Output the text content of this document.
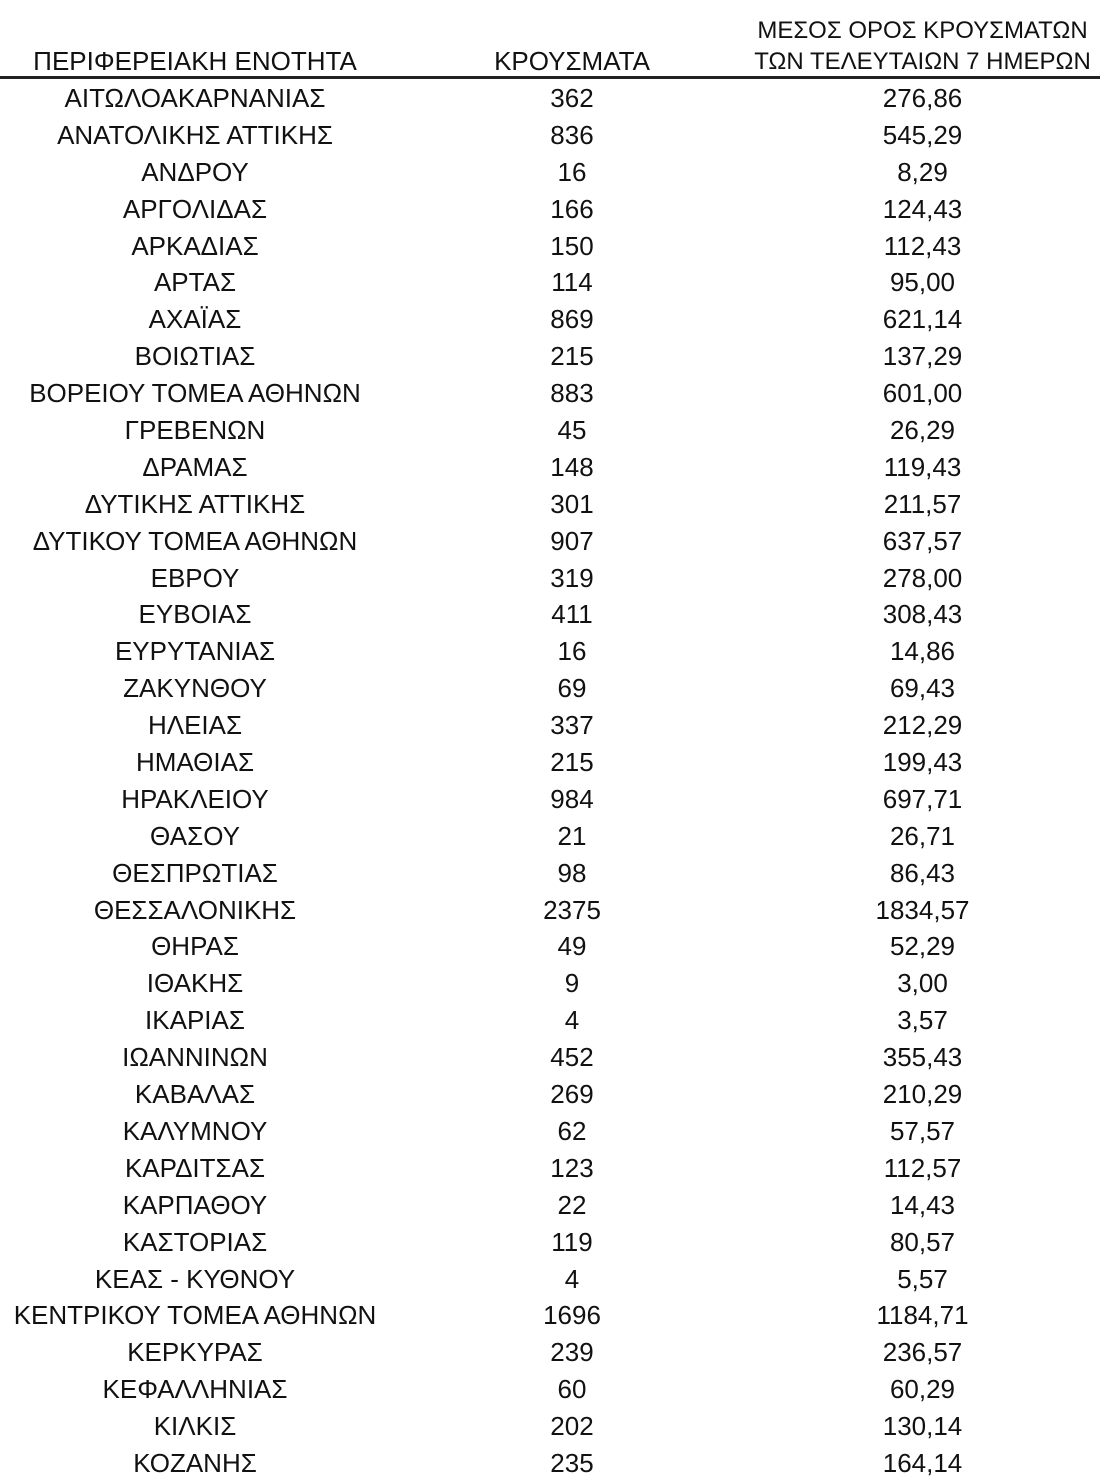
ΠΕΡΙΦΕΡΕΙΑΚΗ ΕΝΟΤΗΤΑ	ΚΡΟΥΣΜΑΤΑ
ΜΕΣΟΣ ΟΡΟΣ ΚΡΟΥΣΜΑΤΩΝ
ΤΩΝ ΤΕΛΕΥΤΑΙΩΝ 7 ΗΜΕΡΩΝ
ΑΙΤΩΛΟΑΚΑΡΝΑΝΙΑΣ	362	276,86
ΑΝΑΤΟΛΙΚΗΣ ΑΤΤΙΚΗΣ	836	545,29
ΑΝΔΡΟΥ	16	8,29
ΑΡΓΟΛΙΔΑΣ	166	124,43
ΑΡΚΑΔΙΑΣ	150	112,43
ΑΡΤΑΣ	114	95,00
ΑΧΑΪΑΣ	869	621,14
ΒΟΙΩΤΙΑΣ	215	137,29
ΒΟΡΕΙΟΥ ΤΟΜΕΑ ΑΘΗΝΩΝ	883	601,00
ΓΡΕΒΕΝΩΝ	45	26,29
ΔΡΑΜΑΣ	148	119,43
ΔΥΤΙΚΗΣ ΑΤΤΙΚΗΣ	301	211,57
ΔΥΤΙΚΟΥ ΤΟΜΕΑ ΑΘΗΝΩΝ	907	637,57
ΕΒΡΟΥ	319	278,00
ΕΥΒΟΙΑΣ	411	308,43
ΕΥΡΥΤΑΝΙΑΣ	16	14,86
ΖΑΚΥΝΘΟΥ	69	69,43
ΗΛΕΙΑΣ	337	212,29
ΗΜΑΘΙΑΣ	215	199,43
ΗΡΑΚΛΕΙΟΥ	984	697,71
ΘΑΣΟΥ	21	26,71
ΘΕΣΠΡΩΤΙΑΣ	98	86,43
ΘΕΣΣΑΛΟΝΙΚΗΣ	2375	1834,57
ΘΗΡΑΣ	49	52,29
ΙΘΑΚΗΣ	9	3,00
ΙΚΑΡΙΑΣ	4	3,57
ΙΩΑΝΝΙΝΩΝ	452	355,43
ΚΑΒΑΛΑΣ	269	210,29
ΚΑΛΥΜΝΟΥ	62	57,57
ΚΑΡΔΙΤΣΑΣ	123	112,57
ΚΑΡΠΑΘΟΥ	22	14,43
ΚΑΣΤΟΡΙΑΣ	119	80,57
ΚΕΑΣ - ΚΥΘΝΟΥ	4	5,57
ΚΕΝΤΡΙΚΟΥ ΤΟΜΕΑ ΑΘΗΝΩΝ	1696	1184,71
ΚΕΡΚΥΡΑΣ	239	236,57
ΚΕΦΑΛΛΗΝΙΑΣ	60	60,29
ΚΙΛΚΙΣ	202	130,14
ΚΟΖΑΝΗΣ	235	164,14
